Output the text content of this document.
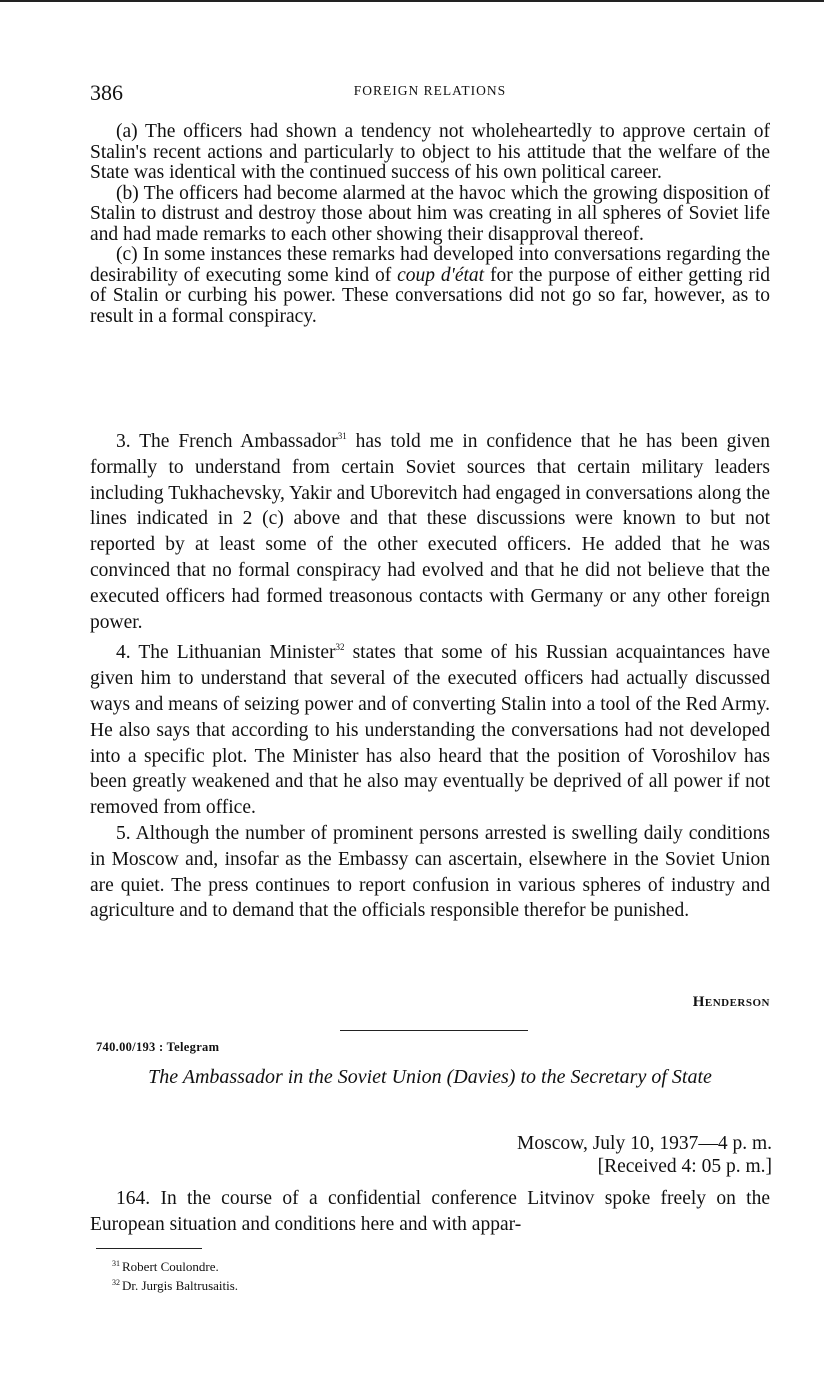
386	FOREIGN RELATIONS

(a) The officers had shown a tendency not wholeheartedly to approve certain of Stalin's recent actions and particularly to object to his attitude that the welfare of the State was identical with the continued success of his own political career.

(b) The officers had become alarmed at the havoc which the growing disposition of Stalin to distrust and destroy those about him was creating in all spheres of Soviet life and had made remarks to each other showing their disapproval thereof.

(c) In some instances these remarks had developed into conversations regarding the desirability of executing some kind of coup d'état for the purpose of either getting rid of Stalin or curbing his power. These conversations did not go so far, however, as to result in a formal conspiracy.

3. The French Ambassador$^{31}$ has told me in confidence that he has been given formally to understand from certain Soviet sources that certain military leaders including Tukhachevsky, Yakir and Uborevitch had engaged in conversations along the lines indicated in 2 (c) above and that these discussions were known to but not reported by at least some of the other executed officers. He added that he was convinced that no formal conspiracy had evolved and that he did not believe that the executed officers had formed treasonous contacts with Germany or any other foreign power.

4. The Lithuanian Minister$^{32}$ states that some of his Russian acquaintances have given him to understand that several of the executed officers had actually discussed ways and means of seizing power and of converting Stalin into a tool of the Red Army. He also says that according to his understanding the conversations had not developed into a specific plot. The Minister has also heard that the position of Voroshilov has been greatly weakened and that he also may eventually be deprived of all power if not removed from office.

5. Although the number of prominent persons arrested is swelling daily conditions in Moscow and, insofar as the Embassy can ascertain, elsewhere in the Soviet Union are quiet. The press continues to report confusion in various spheres of industry and agriculture and to demand that the officials responsible therefor be punished.

Henderson
740.00/193 : Telegram
The Ambassador in the Soviet Union (Davies) to the Secretary of State
Moscow, July 10, 1937—4 p. m.
[Received 4: 05 p. m.]

164. In the course of a confidential conference Litvinov spoke freely on the European situation and conditions here and with appar-

$^{31}$ Robert Coulondre.
$^{32}$ Dr. Jurgis Baltrusaitis.
